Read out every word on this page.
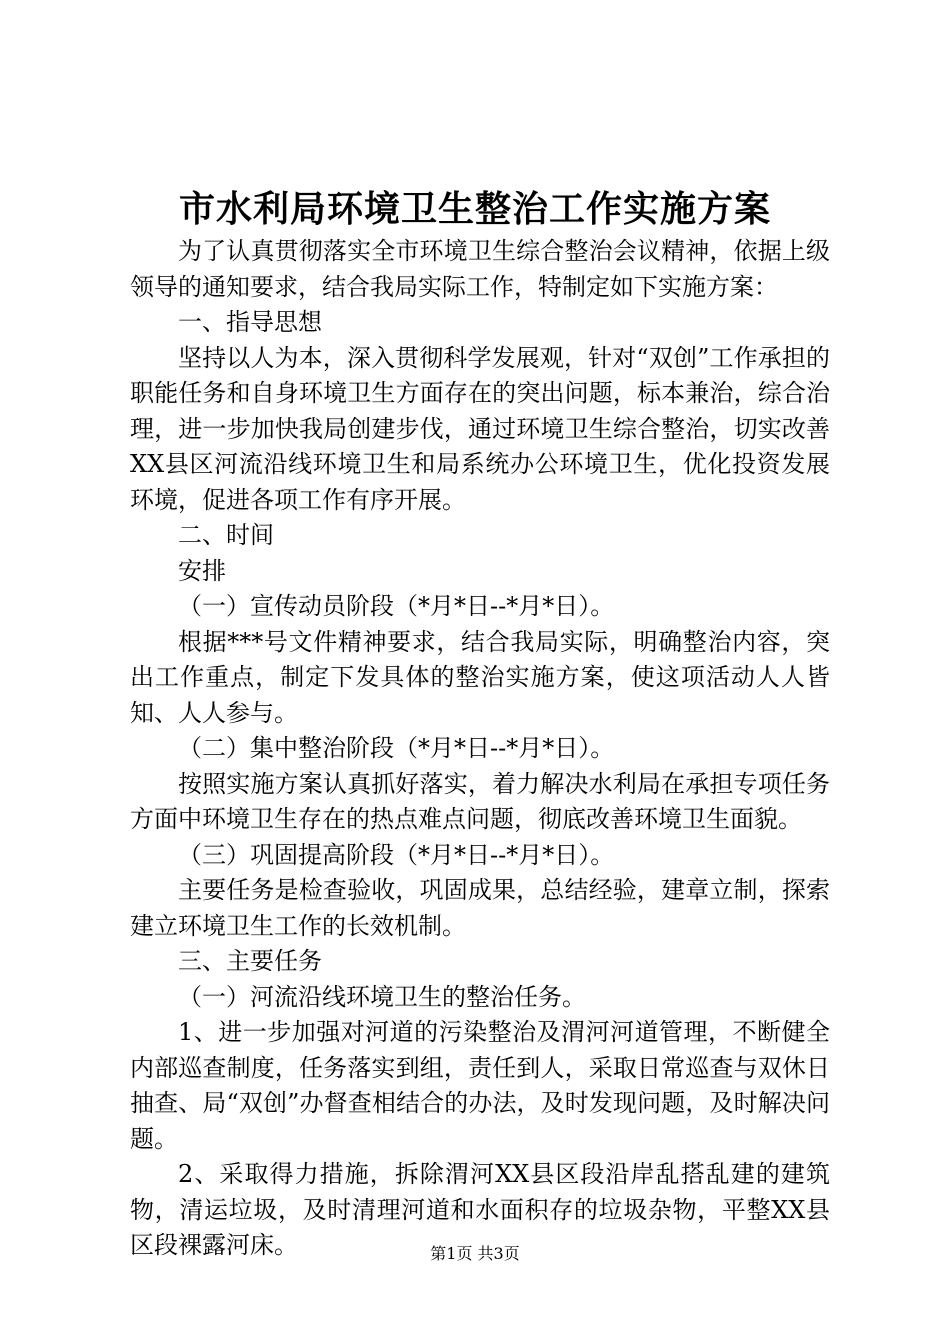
市水利局环境卫生整治工作实施方案

为了认真贯彻落实全市环境卫生综合整治会议精神，依据上级领导的通知要求，结合我局实际工作，特制定如下实施方案：

一、指导思想

坚持以人为本，深入贯彻科学发展观，针对“双创”工作承担的职能任务和自身环境卫生方面存在的突出问题，标本兼治，综合治理，进一步加快我局创建步伐，通过环境卫生综合整治，切实改善XX县区河流沿线环境卫生和局系统办公环境卫生，优化投资发展环境，促进各项工作有序开展。

二、时间

安排

（一）宣传动员阶段（*月*日--*月*日）。

根据***号文件精神要求，结合我局实际，明确整治内容，突出工作重点，制定下发具体的整治实施方案，使这项活动人人皆知、人人参与。

（二）集中整治阶段（*月*日--*月*日）。

按照实施方案认真抓好落实，着力解决水利局在承担专项任务方面中环境卫生存在的热点难点问题，彻底改善环境卫生面貌。

（三）巩固提高阶段（*月*日--*月*日）。

主要任务是检查验收，巩固成果，总结经验，建章立制，探索建立环境卫生工作的长效机制。

三、主要任务

（一）河流沿线环境卫生的整治任务。

1、进一步加强对河道的污染整治及渭河河道管理，不断健全内部巡查制度，任务落实到组，责任到人，采取日常巡查与双休日抽查、局“双创”办督查相结合的办法，及时发现问题，及时解决问题。

2、采取得力措施，拆除渭河XX县区段沿岸乱搭乱建的建筑物，清运垃圾，及时清理河道和水面积存的垃圾杂物，平整XX县区段裸露河床。	第1页 共3页
